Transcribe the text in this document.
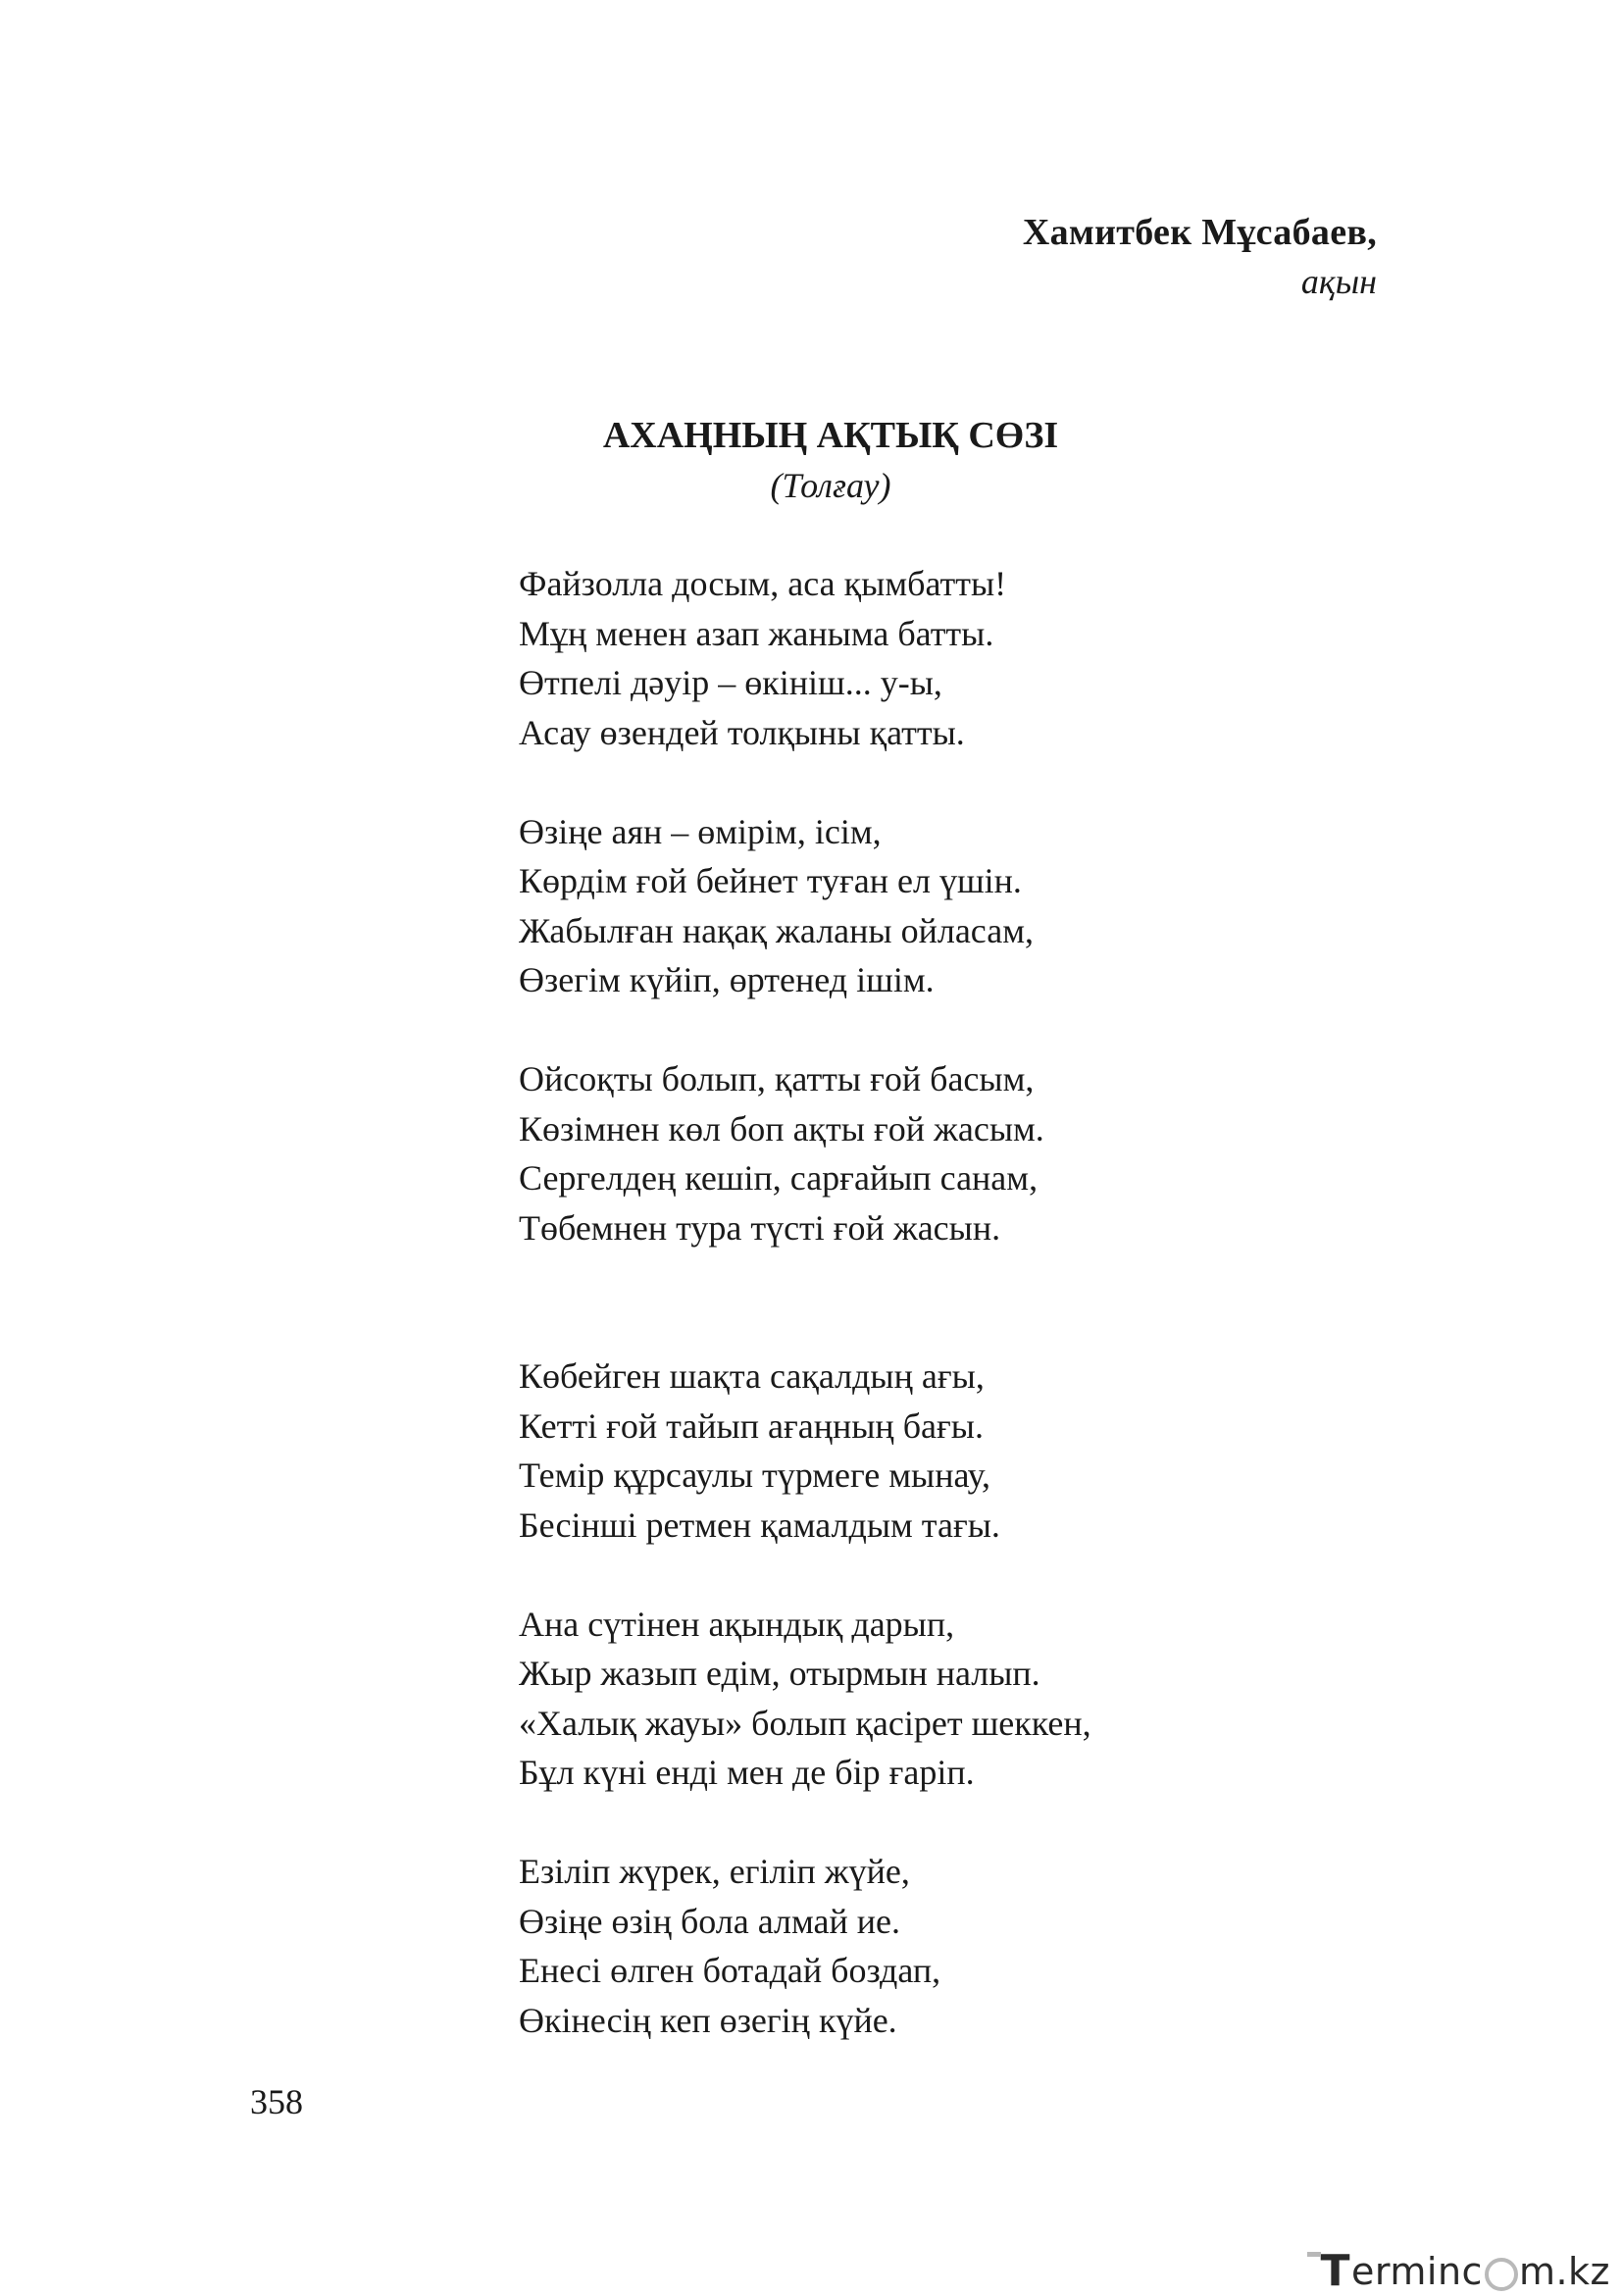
Хамитбек Мұсабаев,
ақын
АХАҢНЫҢ АҚТЫҚ СӨЗІ
(Толғау)
Файзолла досым, аса қымбатты!
Мұң менен азап жаныма батты.
Өтпелі дәуір – өкініш... у-ы,
Асау өзендей толқыны қатты.
Өзіңе аян – өмірім, ісім,
Көрдім ғой бейнет туған ел үшін.
Жабылған нақақ жаланы ойласам,
Өзегім күйіп, өртенед ішім.
Ойсоқты болып, қатты ғой басым,
Көзімнен көл боп ақты ғой жасым.
Сергелдең кешіп, сарғайып санам,
Төбемнен тура түсті ғой жасын.
Көбейген шақта сақалдың ағы,
Кетті ғой тайып ағаңның бағы.
Темір құрсаулы түрмеге мынау,
Бесінші ретмен қамалдым тағы.
Ана сүтінен ақындық дарып,
Жыр жазып едім, отырмын налып.
«Халық жауы» болып қасірет шеккен,
Бұл күні енді мен де бір ғаріп.
Езіліп жүрек, егіліп жүйе,
Өзіңе өзің бола алмай ие.
Енесі өлген ботадай боздап,
Өкінесің кеп өзегің күйе.
358
T erminc m.kz
